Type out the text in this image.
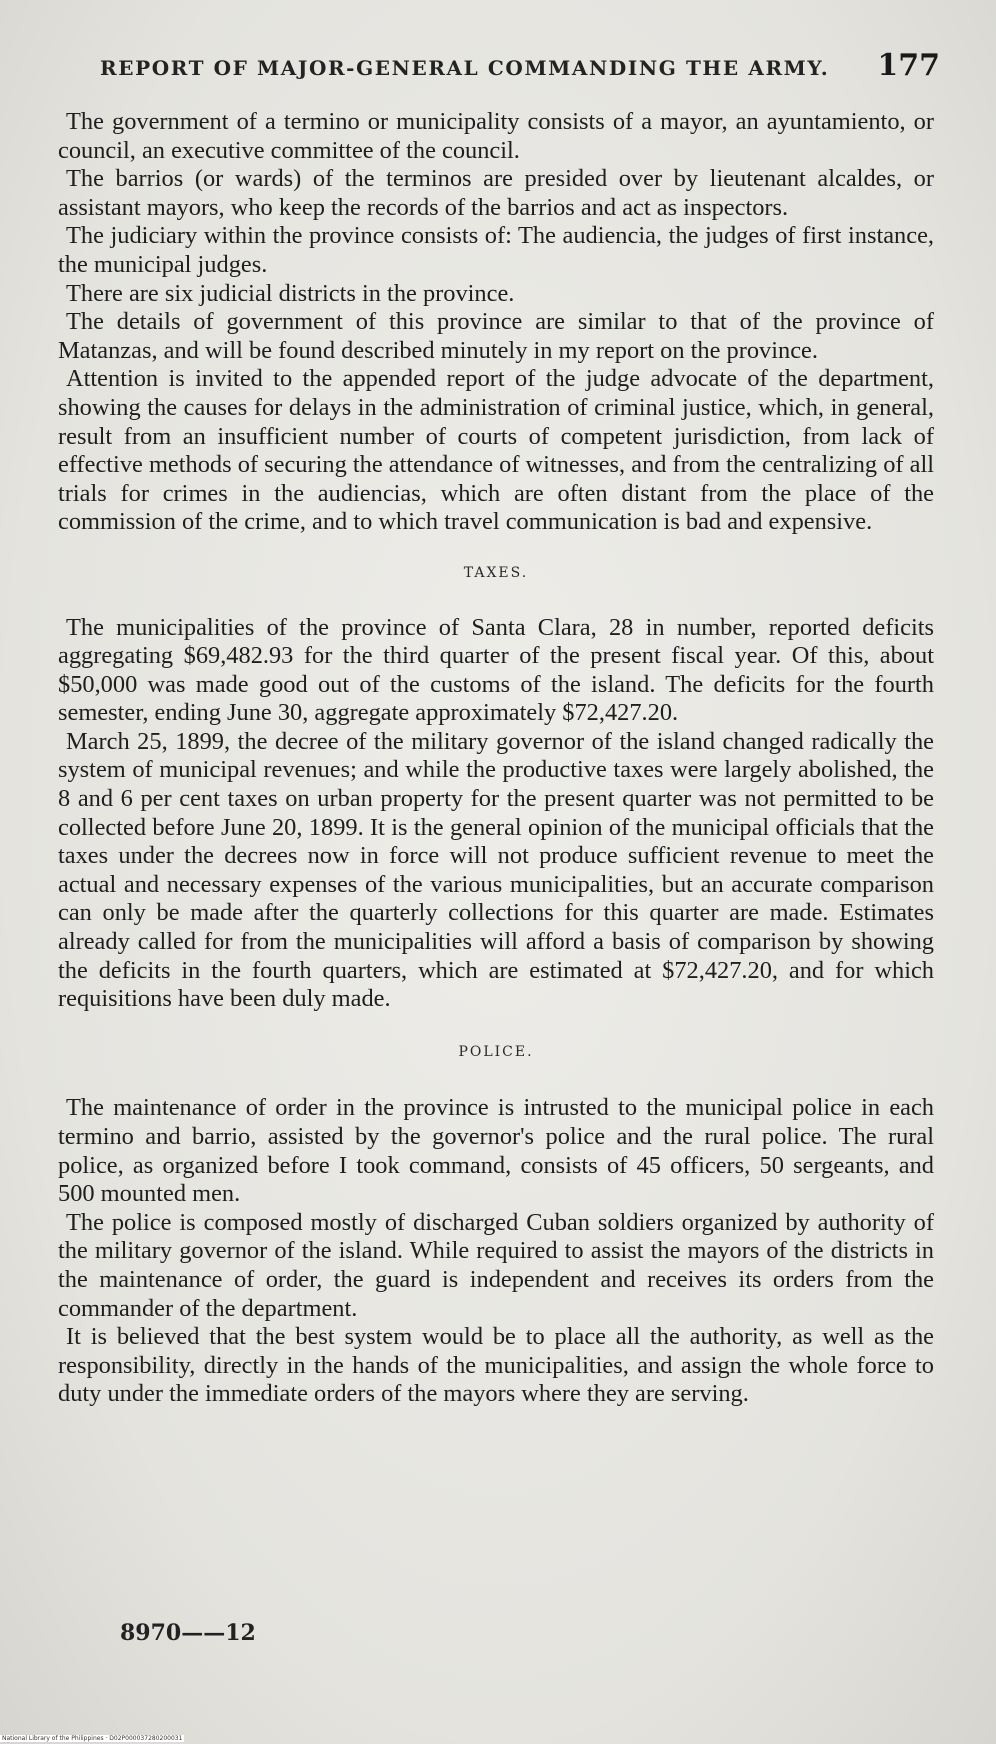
REPORT OF MAJOR-GENERAL COMMANDING THE ARMY. 177

The government of a termino or municipality consists of a mayor, an ayuntamiento, or council, an executive committee of the council.

The barrios (or wards) of the terminos are presided over by lieutenant alcaldes, or assistant mayors, who keep the records of the barrios and act as inspectors.

The judiciary within the province consists of: The audiencia, the judges of first instance, the municipal judges.

There are six judicial districts in the province.

The details of government of this province are similar to that of the province of Matanzas, and will be found described minutely in my report on the province.

Attention is invited to the appended report of the judge advocate of the department, showing the causes for delays in the administration of criminal justice, which, in general, result from an insufficient number of courts of competent jurisdiction, from lack of effective methods of securing the attendance of witnesses, and from the centralizing of all trials for crimes in the audiencias, which are often distant from the place of the commission of the crime, and to which travel communication is bad and expensive.

TAXES.

The municipalities of the province of Santa Clara, 28 in number, reported deficits aggregating $69,482.93 for the third quarter of the present fiscal year. Of this, about $50,000 was made good out of the customs of the island. The deficits for the fourth semester, ending June 30, aggregate approximately $72,427.20.

March 25, 1899, the decree of the military governor of the island changed radically the system of municipal revenues; and while the productive taxes were largely abolished, the 8 and 6 per cent taxes on urban property for the present quarter was not permitted to be collected before June 20, 1899. It is the general opinion of the municipal officials that the taxes under the decrees now in force will not produce sufficient revenue to meet the actual and necessary expenses of the various municipalities, but an accurate comparison can only be made after the quarterly collections for this quarter are made. Estimates already called for from the municipalities will afford a basis of comparison by showing the deficits in the fourth quarters, which are estimated at $72,427.20, and for which requisitions have been duly made.

POLICE.

The maintenance of order in the province is intrusted to the municipal police in each termino and barrio, assisted by the governor's police and the rural police. The rural police, as organized before I took command, consists of 45 officers, 50 sergeants, and 500 mounted men.

The police is composed mostly of discharged Cuban soldiers organized by authority of the military governor of the island. While required to assist the mayors of the districts in the maintenance of order, the guard is independent and receives its orders from the commander of the department.

It is believed that the best system would be to place all the authority, as well as the responsibility, directly in the hands of the municipalities, and assign the whole force to duty under the immediate orders of the mayors where they are serving.

8970——12
National Library of the Philippines · D02P000037280200031
